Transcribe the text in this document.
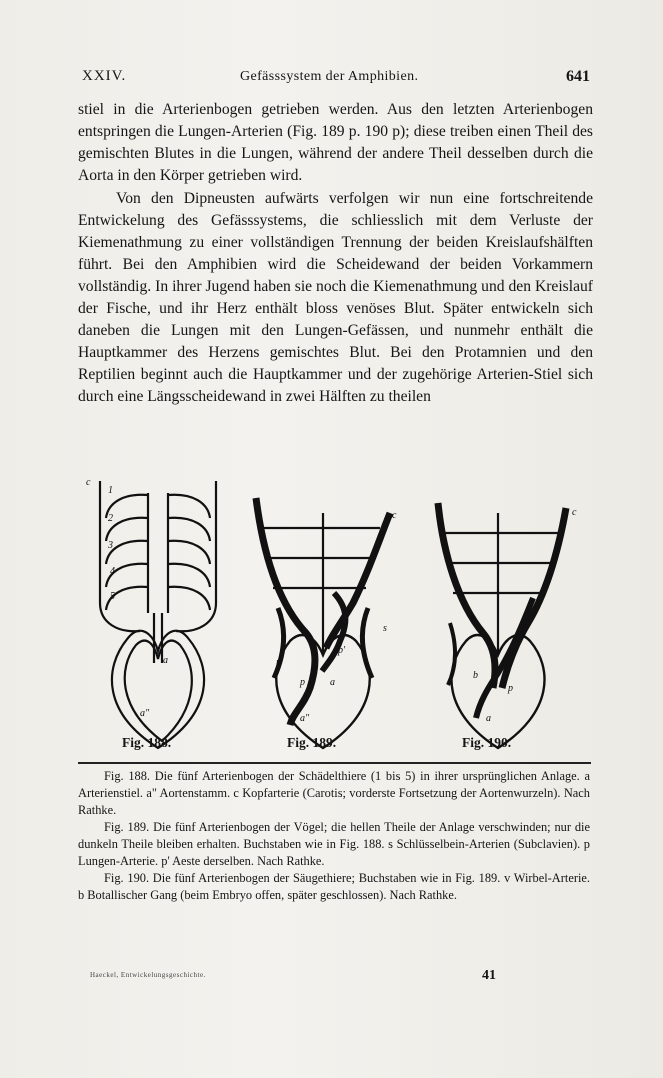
XXIV.	Gefässsystem der Amphibien.	641

stiel in die Arterienbogen getrieben werden. Aus den letzten Arterienbogen entspringen die Lungen-Arterien (Fig. 189 p. 190 p); diese treiben einen Theil des gemischten Blutes in die Lungen, während der andere Theil desselben durch die Aorta in den Körper getrieben wird.

Von den Dipneusten aufwärts verfolgen wir nun eine fortschreitende Entwickelung des Gefässsystems, die schliesslich mit dem Verluste der Kiemenathmung zu einer vollständigen Trennung der beiden Kreislaufshälften führt. Bei den Amphibien wird die Scheidewand der beiden Vorkammern vollständig. In ihrer Jugend haben sie noch die Kiemenathmung und den Kreislauf der Fische, und ihr Herz enthält bloss venöses Blut. Später entwickeln sich daneben die Lungen mit den Lungen-Gefässen, und nunmehr enthält die Hauptkammer des Herzens gemischtes Blut. Bei den Protamnien und den Reptilien beginnt auch die Hauptkammer und der zugehörige Arterien-Stiel sich durch eine Längsscheidewand in zwei Hälften zu theilen

1
2
3
4
5
a
a"
c
c
s
p
p
p'
a
a"
c
b
p
a
Fig. 188.	Fig. 189.	Fig. 190.

Fig. 188. Die fünf Arterienbogen der Schädelthiere (1 bis 5) in ihrer ursprünglichen Anlage. a Arterienstiel. a" Aortenstamm. c Kopfarterie (Carotis; vorderste Fortsetzung der Aortenwurzeln). Nach Rathke.

Fig. 189. Die fünf Arterienbogen der Vögel; die hellen Theile der Anlage verschwinden; nur die dunkeln Theile bleiben erhalten. Buchstaben wie in Fig. 188. s Schlüsselbein-Arterien (Subclavien). p Lungen-Arterie. p' Aeste derselben. Nach Rathke.

Fig. 190. Die fünf Arterienbogen der Säugethiere; Buchstaben wie in Fig. 189. v Wirbel-Arterie. b Botallischer Gang (beim Embryo offen, später geschlossen). Nach Rathke.

Haeckel, Entwickelungsgeschichte.	41
